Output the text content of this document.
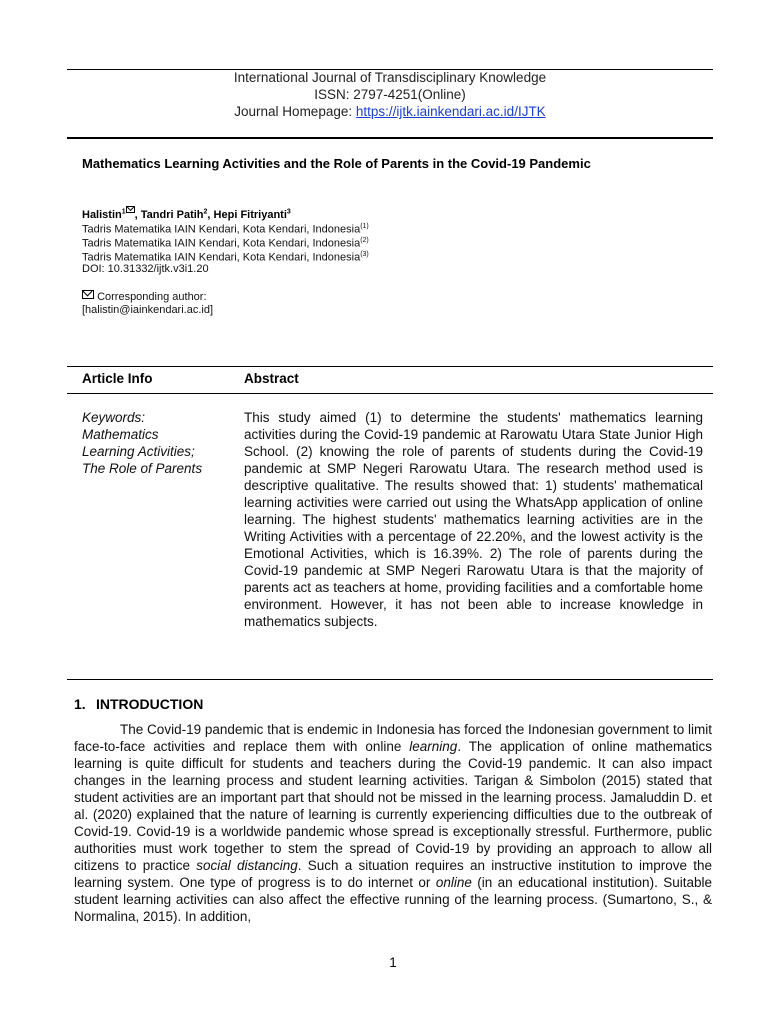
International Journal of Transdisciplinary Knowledge
ISSN: 2797-4251(Online)
Journal Homepage: https://ijtk.iainkendari.ac.id/IJTK
Mathematics Learning Activities and the Role of Parents in the Covid-19 Pandemic
Halistin$^1$ , Tandri Patih$^2$, Hepi Fitriyanti$^3$
Tadris Matematika IAIN Kendari, Kota Kendari, Indonesia$^{(1)}$
Tadris Matematika IAIN Kendari, Kota Kendari, Indonesia$^{(2)}$
Tadris Matematika IAIN Kendari, Kota Kendari, Indonesia$^{(3)}$
DOI: 10.31332/ijtk.v3i1.20
Corresponding author:
[halistin@iainkendari.ac.id]
Article Info	Abstract
Keywords:
Mathematics
Learning Activities;
The Role of Parents
This study aimed (1) to determine the students' mathematics learning activities during the Covid-19 pandemic at Rarowatu Utara State Junior High School. (2) knowing the role of parents of students during the Covid-19 pandemic at SMP Negeri Rarowatu Utara. The research method used is descriptive qualitative. The results showed that: 1) students' mathematical learning activities were carried out using the WhatsApp application of online learning. The highest students' mathematics learning activities are in the Writing Activities with a percentage of 22.20%, and the lowest activity is the Emotional Activities, which is 16.39%. 2) The role of parents during the Covid-19 pandemic at SMP Negeri Rarowatu Utara is that the majority of parents act as teachers at home, providing facilities and a comfortable home environment. However, it has not been able to increase knowledge in mathematics subjects.
1. INTRODUCTION
The Covid-19 pandemic that is endemic in Indonesia has forced the Indonesian government to limit face-to-face activities and replace them with online learning. The application of online mathematics learning is quite difficult for students and teachers during the Covid-19 pandemic. It can also impact changes in the learning process and student learning activities. Tarigan & Simbolon (2015) stated that student activities are an important part that should not be missed in the learning process. Jamaluddin D. et al. (2020) explained that the nature of learning is currently experiencing difficulties due to the outbreak of Covid-19. Covid-19 is a worldwide pandemic whose spread is exceptionally stressful. Furthermore, public authorities must work together to stem the spread of Covid-19 by providing an approach to allow all citizens to practice social distancing. Such a situation requires an instructive institution to improve the learning system. One type of progress is to do internet or online (in an educational institution). Suitable student learning activities can also affect the effective running of the learning process. (Sumartono, S., & Normalina, 2015). In addition,
1
